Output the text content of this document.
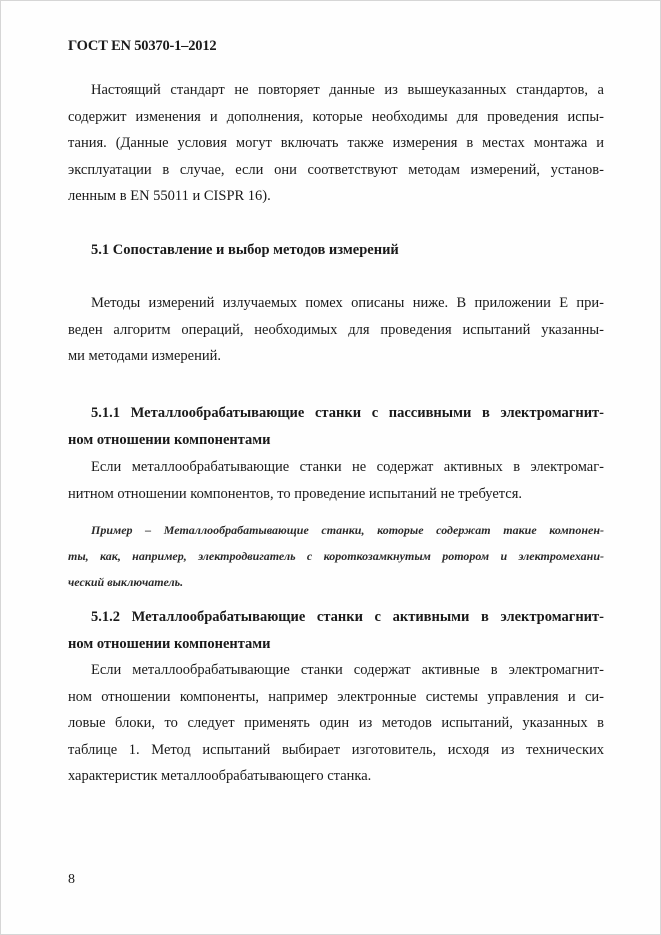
ГОСТ EN 50370-1–2012
Настоящий стандарт не повторяет данные из вышеуказанных стандартов, а
содержит изменения и дополнения, которые необходимы для проведения испы-
тания. (Данные условия могут включать также измерения в местах монтажа и
эксплуатации в случае, если они соответствуют методам измерений, установ-
ленным в EN 55011 и CISPR 16).
5.1 Сопоставление и выбор методов измерений
Методы измерений излучаемых помех описаны ниже. В приложении Е при-
веден алгоритм операций, необходимых для проведения испытаний указанны-
ми методами измерений.
5.1.1 Металлообрабатывающие станки с пассивными в электромагнит-
ном отношении компонентами
Если металлообрабатывающие станки не содержат активных в электромаг-
нитном отношении компонентов, то проведение испытаний не требуется.
Пример – Металлообрабатывающие станки, которые содержат такие компонен-
ты, как, например, электродвигатель с короткозамкнутым ротором и электромехани-
ческий выключатель.
5.1.2 Металлообрабатывающие станки с активными в электромагнит-
ном отношении компонентами
Если металлообрабатывающие станки содержат активные в электромагнит-
ном отношении компоненты, например электронные системы управления и си-
ловые блоки, то следует применять один из методов испытаний, указанных в
таблице 1. Метод испытаний выбирает изготовитель, исходя из технических
характеристик металлообрабатывающего станка.
8
